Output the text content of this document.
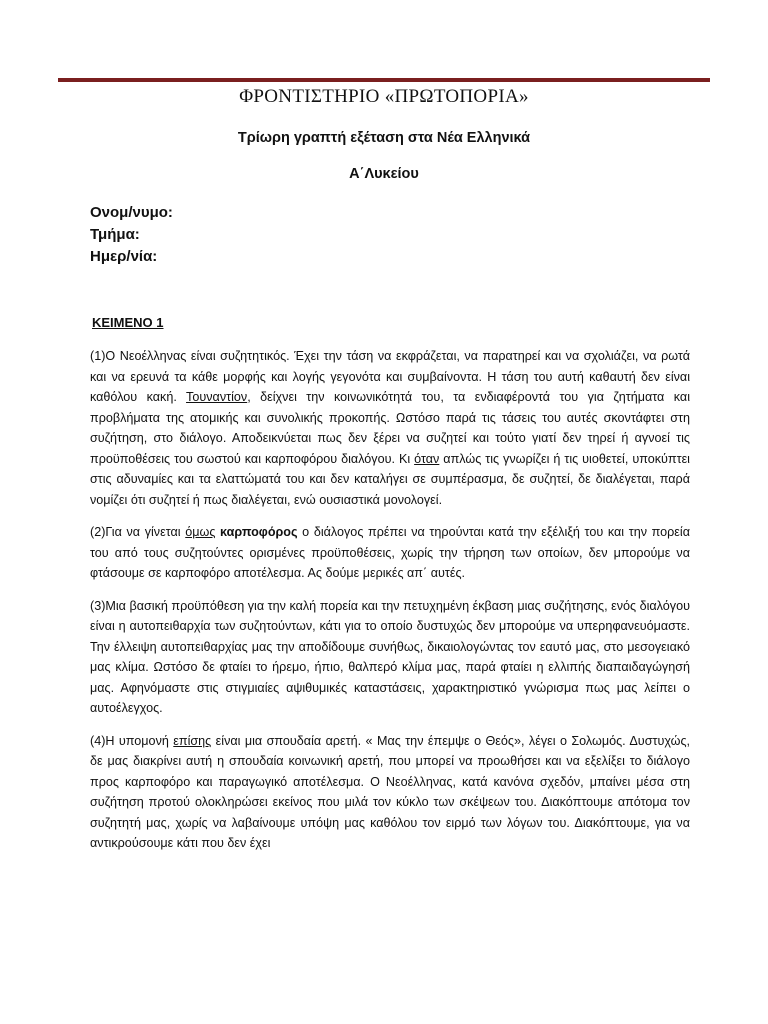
ΦΡΟΝΤΙΣΤΗΡΙΟ «ΠΡΩΤΟΠΟΡΙΑ»
Τρίωρη γραπτή εξέταση στα Νέα Ελληνικά
Α΄Λυκείου
Ονομ/νυμο:
Τμήμα:
Ημερ/νία:
ΚΕΙΜΕΝΟ 1

(1)Ο Νεοέλληνας είναι συζητητικός. Έχει την τάση να εκφράζεται, να παρατηρεί και να σχολιάζει, να ρωτά και να ερευνά τα κάθε μορφής και λογής γεγονότα και συμβαίνοντα. Η τάση του αυτή καθαυτή δεν είναι καθόλου κακή. Τουναντίον, δείχνει την κοινωνικότητά του, τα ενδιαφέροντά του για ζητήματα και προβλήματα της ατομικής και συνολικής προκοπής. Ωστόσο παρά τις τάσεις του αυτές σκοντάφτει στη συζήτηση, στο διάλογο. Αποδεικνύεται πως δεν ξέρει να συζητεί και τούτο γιατί δεν τηρεί ή αγνοεί τις προϋποθέσεις του σωστού και καρποφόρου διαλόγου. Κι όταν απλώς τις γνωρίζει ή τις υιοθετεί, υποκύπτει στις αδυναμίες και τα ελαττώματά του και δεν καταλήγει σε συμπέρασμα, δε συζητεί, δε διαλέγεται, παρά νομίζει ότι συζητεί ή πως διαλέγεται, ενώ ουσιαστικά μονολογεί.

(2)Για να γίνεται όμως καρποφόρος ο διάλογος πρέπει να τηρούνται κατά την εξέλιξή του και την πορεία του από τους συζητούντες ορισμένες προϋποθέσεις, χωρίς την τήρηση των οποίων, δεν μπορούμε να φτάσουμε σε καρποφόρο αποτέλεσμα. Ας δούμε μερικές απ΄ αυτές.

(3)Μια βασική προϋπόθεση για την καλή πορεία και την πετυχημένη έκβαση μιας συζήτησης, ενός διαλόγου είναι η αυτοπειθαρχία των συζητούντων, κάτι για το οποίο δυστυχώς δεν μπορούμε να υπερηφανευόμαστε. Την έλλειψη αυτοπειθαρχίας μας την αποδίδουμε συνήθως, δικαιολογώντας τον εαυτό μας, στο μεσογειακό μας κλίμα. Ωστόσο δε φταίει το ήρεμο, ήπιο, θαλπερό κλίμα μας, παρά φταίει η ελλιπής διαπαιδαγώγησή μας. Αφηνόμαστε στις στιγμιαίες αψιθυμικές καταστάσεις, χαρακτηριστικό γνώρισμα πως μας λείπει ο αυτοέλεγχος.

(4)Η υπομονή επίσης είναι μια σπουδαία αρετή. « Μας την έπεμψε ο Θεός», λέγει ο Σολωμός. Δυστυχώς, δε μας διακρίνει αυτή η σπουδαία κοινωνική αρετή, που μπορεί να προωθήσει και να εξελίξει το διάλογο προς καρποφόρο και παραγωγικό αποτέλεσμα. Ο Νεοέλληνας, κατά κανόνα σχεδόν, μπαίνει μέσα στη συζήτηση προτού ολοκληρώσει εκείνος που μιλά τον κύκλο των σκέψεων του. Διακόπτουμε απότομα τον συζητητή μας, χωρίς να λαβαίνουμε υπόψη μας καθόλου τον ειρμό των λόγων του. Διακόπτουμε, για να αντικρούσουμε κάτι που δεν έχει
